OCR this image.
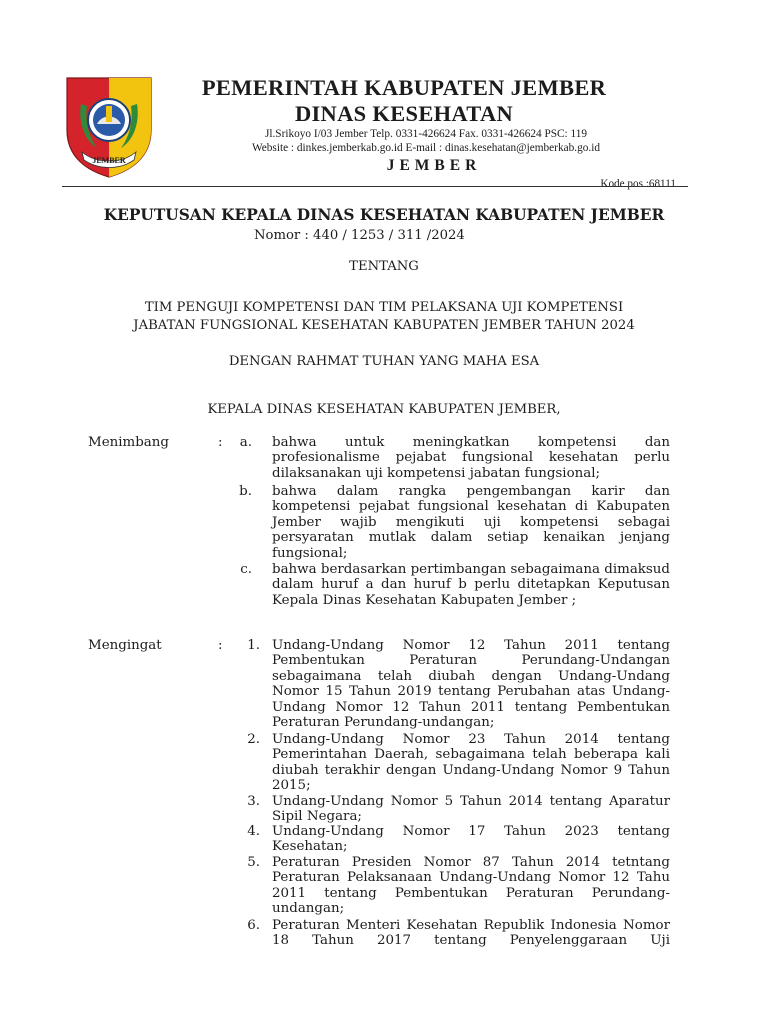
JEMBER
PEMERINTAH KABUPATEN JEMBER
DINAS KESEHATAN
Jl.Srikoyo I/03 Jember Telp. 0331-426624 Fax. 0331-426624 PSC: 119
Website : dinkes.jemberkab.go.id E-mail : dinas.kesehatan@jemberkab.go.id
JEMBER
Kode pos :68111
KEPUTUSAN KEPALA DINAS KESEHATAN KABUPATEN JEMBER
Nomor : 440 / 1253 / 311 /2024
TENTANG
TIM PENGUJI KOMPETENSI DAN TIM PELAKSANA UJI KOMPETENSI
JABATAN FUNGSIONAL KESEHATAN KABUPATEN JEMBER TAHUN 2024
DENGAN RAHMAT TUHAN YANG MAHA ESA
KEPALA DINAS KESEHATAN KABUPATEN JEMBER,
Menimbang	:	a. bahwa untuk meningkatkan kompetensi dan profesionalisme pejabat fungsional kesehatan perlu dilaksanakan uji kompetensi jabatan fungsional;
b. bahwa dalam rangka pengembangan karir dan kompetensi pejabat fungsional kesehatan di Kabupaten Jember wajib mengikuti uji kompetensi sebagai persyaratan mutlak dalam setiap kenaikan jenjang fungsional;
c. bahwa berdasarkan pertimbangan sebagaimana dimaksud dalam huruf a dan huruf b perlu ditetapkan Keputusan Kepala Dinas Kesehatan Kabupaten Jember ;
Mengingat	:	1. Undang-Undang Nomor 12 Tahun 2011 tentang Pembentukan Peraturan Perundang-Undangan sebagaimana telah diubah dengan Undang-Undang Nomor 15 Tahun 2019 tentang Perubahan atas Undang-Undang Nomor 12 Tahun 2011 tentang Pembentukan Peraturan Perundang-undangan;
2. Undang-Undang Nomor 23 Tahun 2014 tentang Pemerintahan Daerah, sebagaimana telah beberapa kali diubah terakhir dengan Undang-Undang Nomor 9 Tahun 2015;
3. Undang-Undang Nomor 5 Tahun 2014 tentang Aparatur Sipil Negara;
4. Undang-Undang Nomor 17 Tahun 2023 tentang Kesehatan;
5. Peraturan Presiden Nomor 87 Tahun 2014 tetntang Peraturan Pelaksanaan Undang-Undang Nomor 12 Tahu 2011 tentang Pembentukan Peraturan Perundang-undangan;
6. Peraturan Menteri Kesehatan Republik Indonesia Nomor 18 Tahun 2017 tentang Penyelenggaraan Uji
